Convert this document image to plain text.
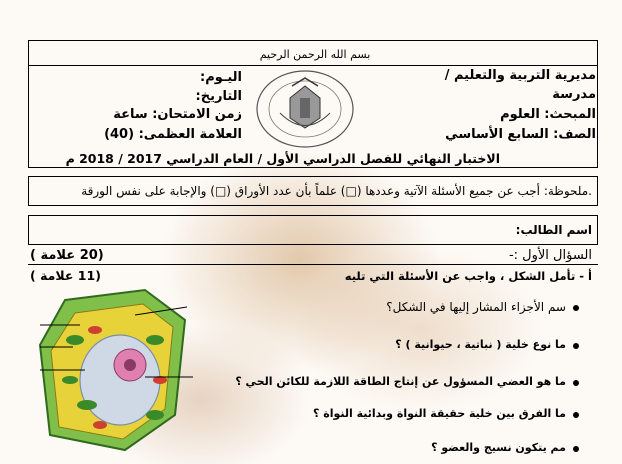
بسم الله الرحمن الرحيم
مديرية التربية والتعليم /
مدرسة
المبحث: العلوم
الصف: السابع الأساسي
اليـوم:
التاريخ:
زمن الامتحان: ساعة
العلامة العظمى: (40)
الاختبار النهائي للفصل الدراسي الأول / العام الدراسي 2017 / 2018 م
.ملحوظة: أجب عن جميع الأسئلة الآتية وعددها (□) علماً بأن عدد الأوراق (□) والإجابة على نفس الورقة
اسم الطالب:
السؤال الأول :-
(20 علامة )
أ - تأمل الشكل ، واجب عن الأسئلة التي تليه
(11 علامة )
سم الأجزاء المشار إليها في الشكل؟
ما نوع خلية ( نباتية ، حيوانية ) ؟
ما هو العضي المسؤول عن إنتاج الطاقة اللازمة للكائن الحي ؟
ما الفرق بين خلية حقيقة النواة وبدائية النواة ؟
مم يتكون نسيج والعضو ؟
